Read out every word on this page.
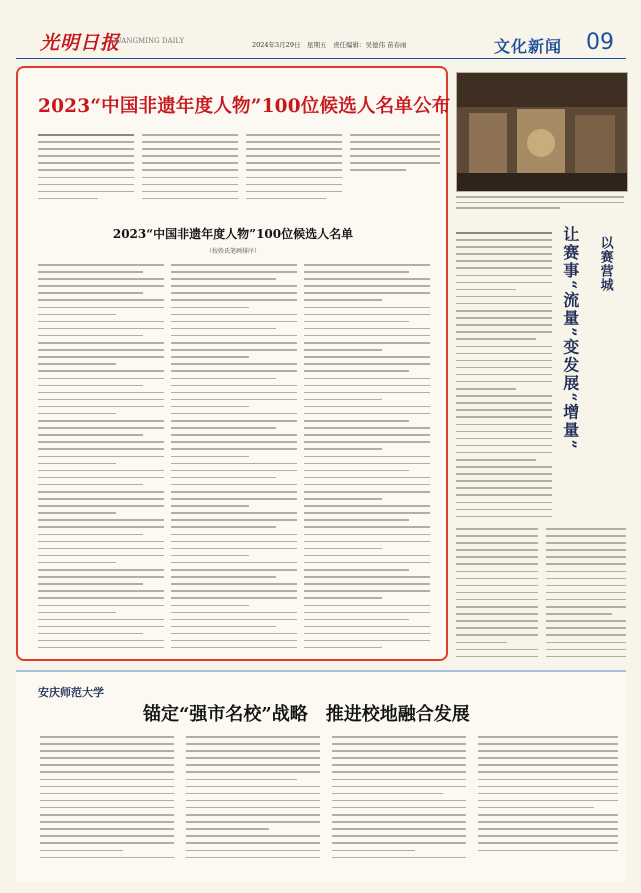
光明日报
GUANGMING DAILY	2024年3月29日　星期五　责任编辑：吴德伟 苗春雨	文化新闻 09
2023“中国非遗年度人物”100位候选人名单公布
2023“中国非遗年度人物”100位候选人名单
（按姓氏笔画排序）	让赛事“流量”变发展“增量” 以赛营城
安庆师范大学
锚定“强市名校”战略　推进校地融合发展
